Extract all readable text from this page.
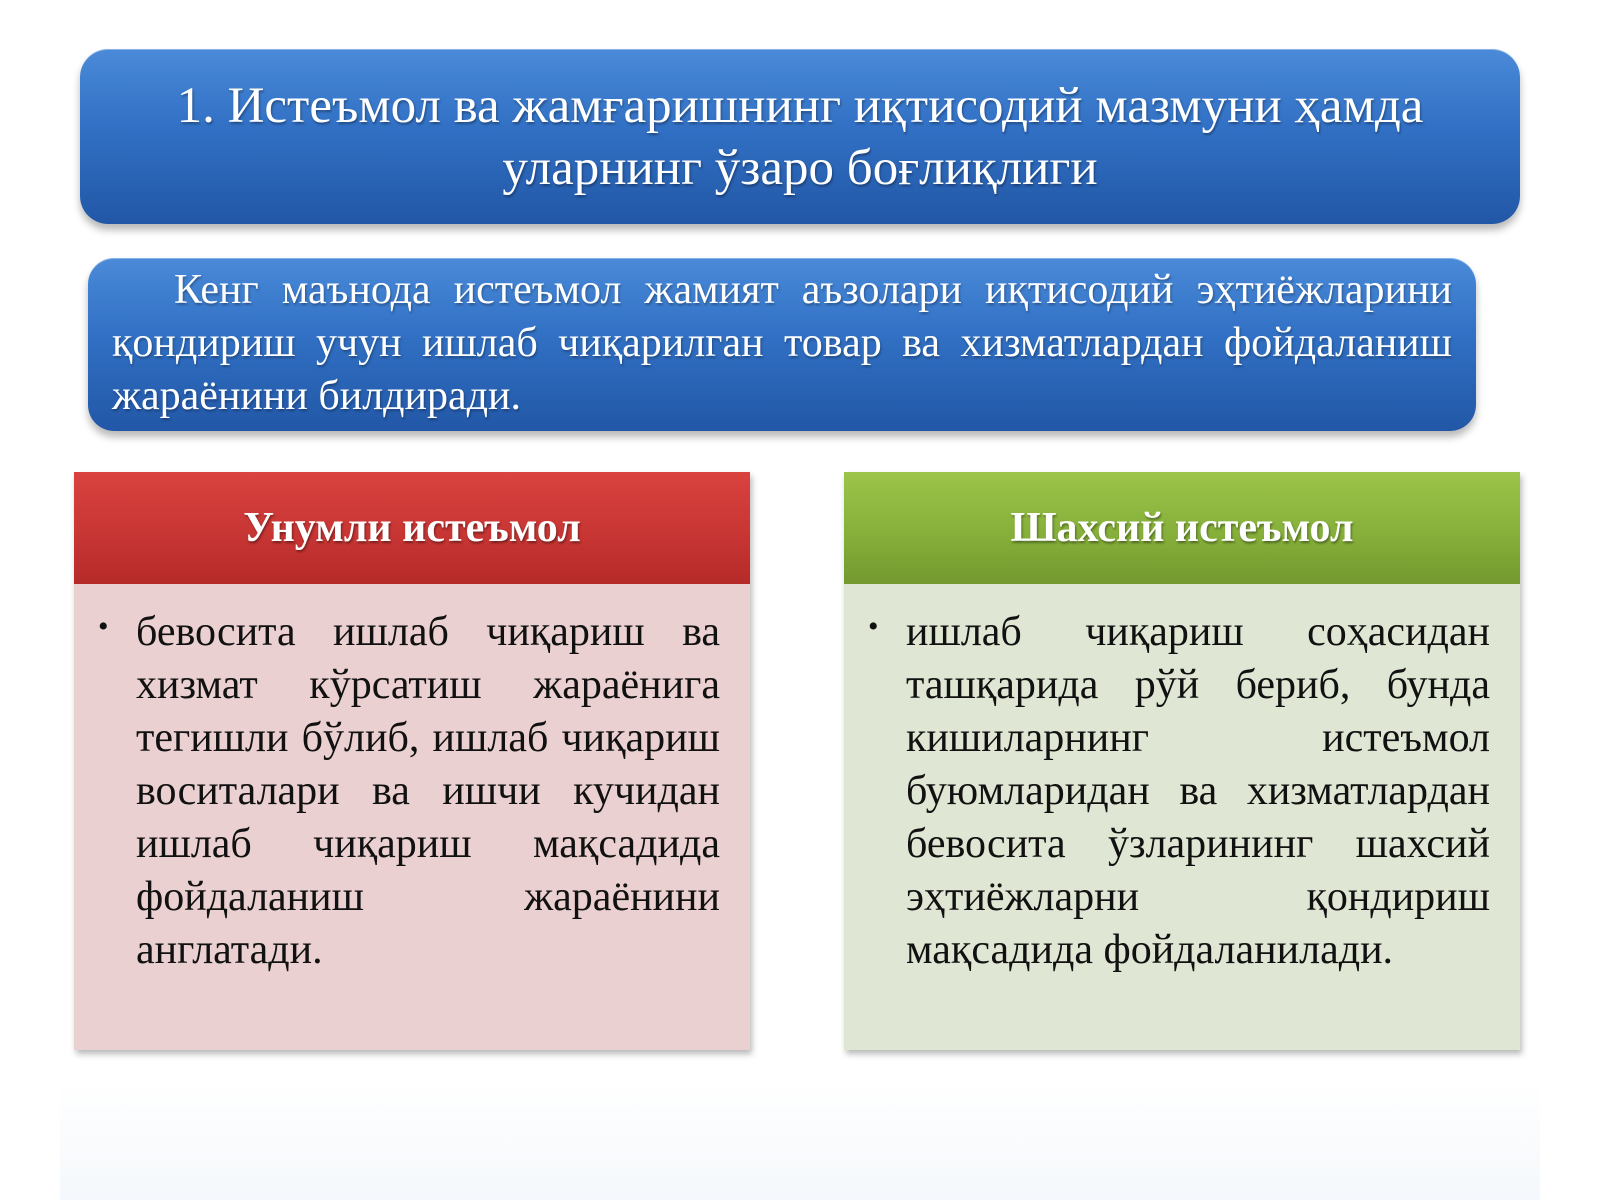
1. Истеъмол ва жамғаришнинг иқтисодий мазмуни ҳамда уларнинг ўзаро боғлиқлиги
Кенг маънода истеъмол жамият аъзолари иқтисодий эҳтиёжларини қондириш учун ишлаб чиқарилган товар ва хизматлардан фойдаланиш жараёнини билдиради.
Унумли истеъмол
• бевосита ишлаб чиқариш ва хизмат кўрсатиш жараёнига тегишли бўлиб, ишлаб чиқариш воситалари ва ишчи кучидан ишлаб чиқариш мақсадида фойдаланиш жараёнини англатади.
Шахсий истеъмол
• ишлаб чиқариш соҳасидан ташқарида рўй бериб, бунда кишиларнинг истеъмол буюмларидан ва хизматлардан бевосита ўзларининг шахсий эҳтиёжларни қондириш мақсадида фойдаланилади.
